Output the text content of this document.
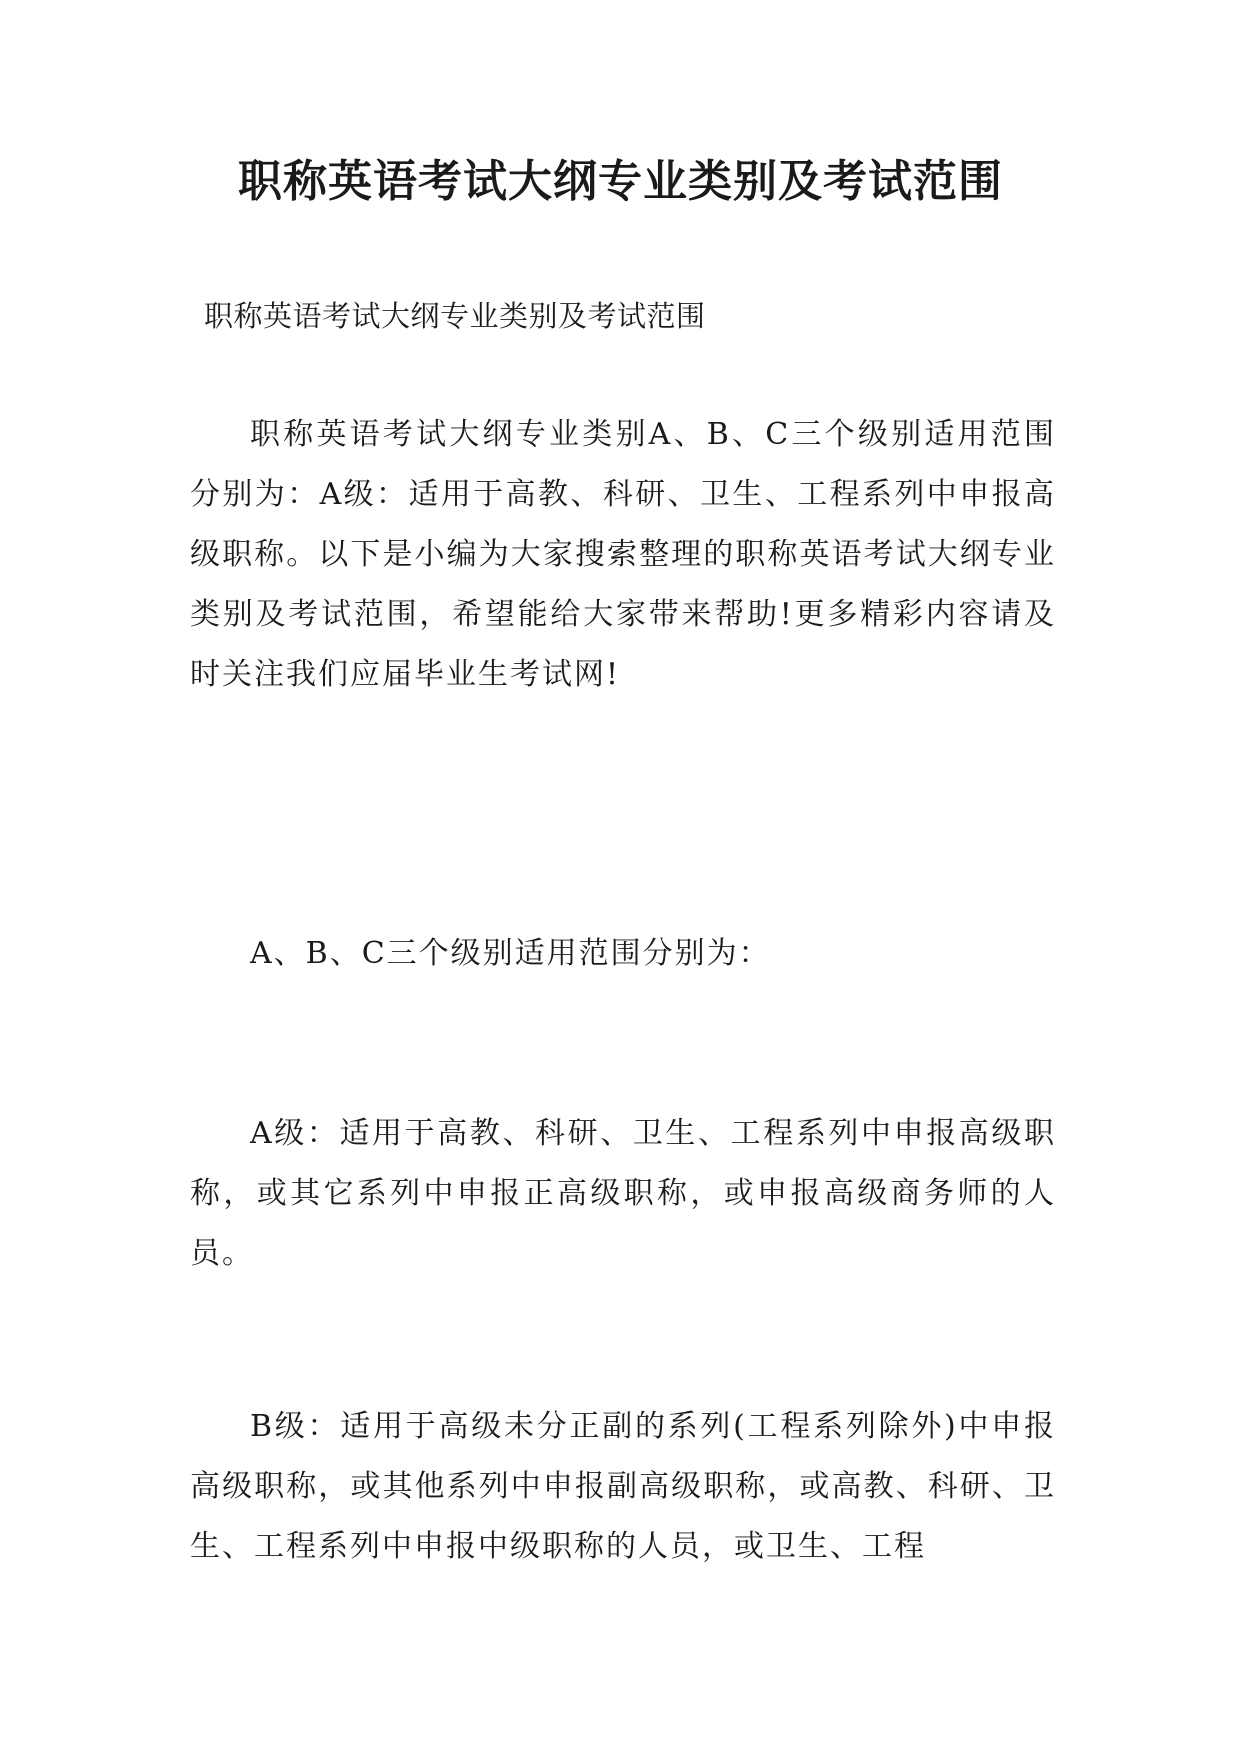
职称英语考试大纲专业类别及考试范围

职称英语考试大纲专业类别及考试范围

职称英语考试大纲专业类别A、B、C三个级别适用范围分别为：A级：适用于高教、科研、卫生、工程系列中申报高级职称。以下是小编为大家搜索整理的职称英语考试大纲专业类别及考试范围，希望能给大家带来帮助!更多精彩内容请及时关注我们应届毕业生考试网!

A、B、C三个级别适用范围分别为：

A级：适用于高教、科研、卫生、工程系列中申报高级职称，或其它系列中申报正高级职称，或申报高级商务师的人员。

B级：适用于高级未分正副的系列(工程系列除外)中申报高级职称，或其他系列中申报副高级职称，或高教、科研、卫生、工程系列中申报中级职称的人员，或卫生、工程
